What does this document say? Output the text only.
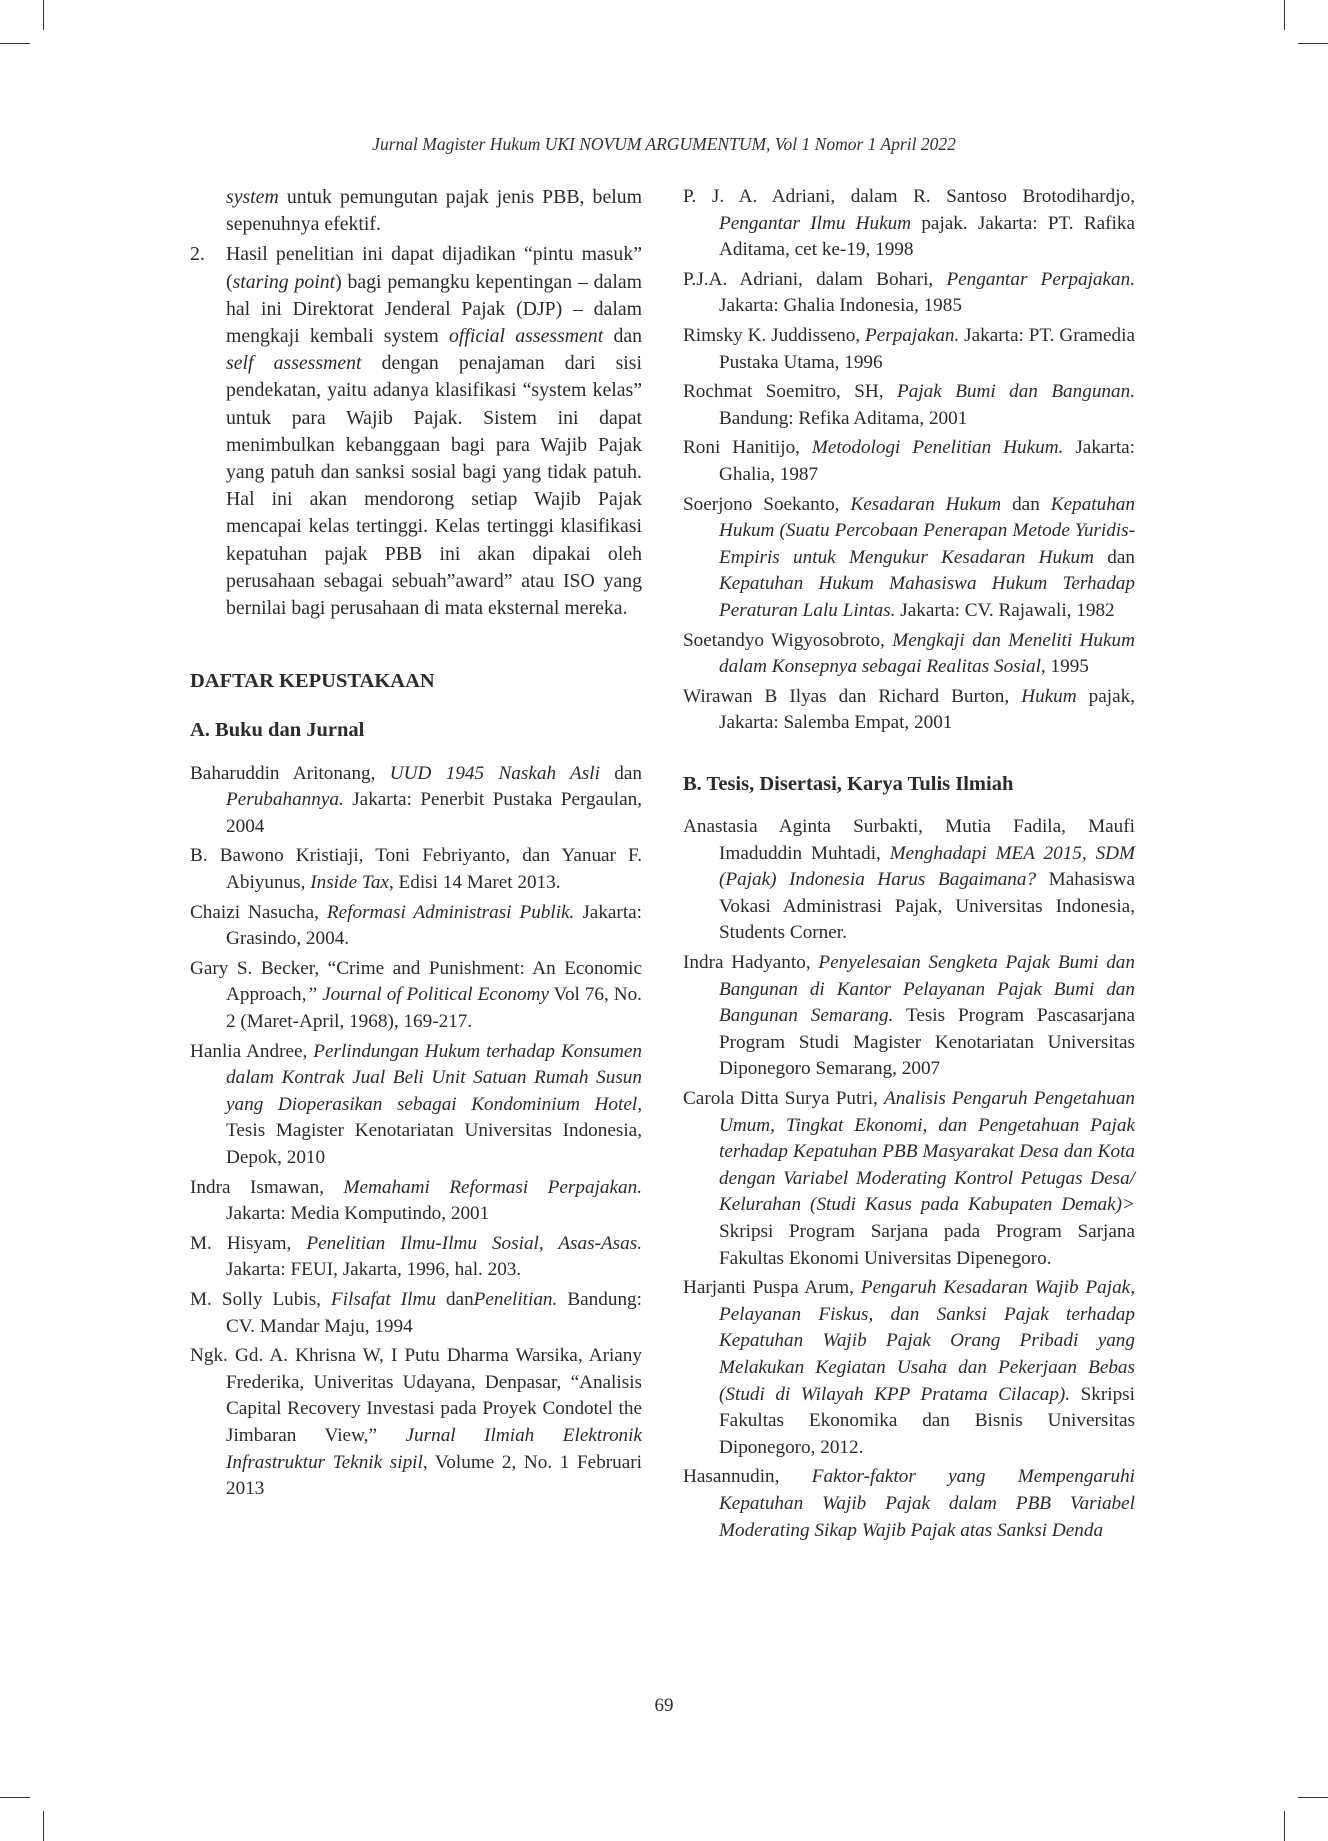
Jurnal Magister Hukum UKI NOVUM ARGUMENTUM, Vol 1 Nomor 1 April 2022

system untuk pemungutan pajak jenis PBB, belum sepenuhnya efektif.

2. Hasil penelitian ini dapat dijadikan “pintu masuk” (staring point) bagi pemangku kepentingan – dalam hal ini Direktorat Jenderal Pajak (DJP) – dalam mengkaji kembali system official assessment dan self assessment dengan penajaman dari sisi pendekatan, yaitu adanya klasifikasi “system kelas” untuk para Wajib Pajak. Sistem ini dapat menimbulkan kebanggaan bagi para Wajib Pajak yang patuh dan sanksi sosial bagi yang tidak patuh. Hal ini akan mendorong setiap Wajib Pajak mencapai kelas tertinggi. Kelas tertinggi klasifikasi kepatuhan pajak PBB ini akan dipakai oleh perusahaan sebagai sebuah”award” atau ISO yang bernilai bagi perusahaan di mata eksternal mereka.

DAFTAR KEPUSTAKAAN
A. Buku dan Jurnal

Baharuddin Aritonang, UUD 1945 Naskah Asli dan Perubahannya. Jakarta: Penerbit Pustaka Pergaulan, 2004

B. Bawono Kristiaji, Toni Febriyanto, dan Yanuar F. Abiyunus, Inside Tax, Edisi 14 Maret 2013.

Chaizi Nasucha, Reformasi Administrasi Publik. Jakarta: Grasindo, 2004.

Gary S. Becker, “Crime and Punishment: An Economic Approach,” Journal of Political Economy Vol 76, No. 2 (Maret-April, 1968), 169-217.

Hanlia Andree, Perlindungan Hukum terhadap Konsumen dalam Kontrak Jual Beli Unit Satuan Rumah Susun yang Dioperasikan sebagai Kondominium Hotel, Tesis Magister Kenotariatan Universitas Indonesia, Depok, 2010

Indra Ismawan, Memahami Reformasi Perpajakan. Jakarta: Media Komputindo, 2001

M. Hisyam, Penelitian Ilmu-Ilmu Sosial, Asas-Asas. Jakarta: FEUI, Jakarta, 1996, hal. 203.

M. Solly Lubis, Filsafat Ilmu danPenelitian. Bandung: CV. Mandar Maju, 1994

Ngk. Gd. A. Khrisna W, I Putu Dharma Warsika, Ariany Frederika, Univeritas Udayana, Denpasar, “Analisis Capital Recovery Investasi pada Proyek Condotel the Jimbaran View,” Jurnal Ilmiah Elektronik Infrastruktur Teknik sipil, Volume 2, No. 1 Februari 2013

P. J. A. Adriani, dalam R. Santoso Brotodihardjo, Pengantar Ilmu Hukum pajak. Jakarta: PT. Rafika Aditama, cet ke-19, 1998

P.J.A. Adriani, dalam Bohari, Pengantar Perpajakan. Jakarta: Ghalia Indonesia, 1985

Rimsky K. Juddisseno, Perpajakan. Jakarta: PT. Gramedia Pustaka Utama, 1996

Rochmat Soemitro, SH, Pajak Bumi dan Bangunan. Bandung: Refika Aditama, 2001

Roni Hanitijo, Metodologi Penelitian Hukum. Jakarta: Ghalia, 1987

Soerjono Soekanto, Kesadaran Hukum dan Kepatuhan Hukum (Suatu Percobaan Penerapan Metode Yuridis-Empiris untuk Mengukur Kesadaran Hukum dan Kepatuhan Hukum Mahasiswa Hukum Terhadap Peraturan Lalu Lintas. Jakarta: CV. Rajawali, 1982

Soetandyo Wigyosobroto, Mengkaji dan Meneliti Hukum dalam Konsepnya sebagai Realitas Sosial, 1995

Wirawan B Ilyas dan Richard Burton, Hukum pajak, Jakarta: Salemba Empat, 2001

B. Tesis, Disertasi, Karya Tulis Ilmiah

Anastasia Aginta Surbakti, Mutia Fadila, Maufi Imaduddin Muhtadi, Menghadapi MEA 2015, SDM (Pajak) Indonesia Harus Bagaimana? Mahasiswa Vokasi Administrasi Pajak, Universitas Indonesia, Students Corner.

Indra Hadyanto, Penyelesaian Sengketa Pajak Bumi dan Bangunan di Kantor Pelayanan Pajak Bumi dan Bangunan Semarang. Tesis Program Pascasarjana Program Studi Magister Kenotariatan Universitas Diponegoro Semarang, 2007

Carola Ditta Surya Putri, Analisis Pengaruh Pengetahuan Umum, Tingkat Ekonomi, dan Pengetahuan Pajak terhadap Kepatuhan PBB Masyarakat Desa dan Kota dengan Variabel Moderating Kontrol Petugas Desa/ Kelurahan (Studi Kasus pada Kabupaten Demak)> Skripsi Program Sarjana pada Program Sarjana Fakultas Ekonomi Universitas Dipenegoro.

Harjanti Puspa Arum, Pengaruh Kesadaran Wajib Pajak, Pelayanan Fiskus, dan Sanksi Pajak terhadap Kepatuhan Wajib Pajak Orang Pribadi yang Melakukan Kegiatan Usaha dan Pekerjaan Bebas (Studi di Wilayah KPP Pratama Cilacap). Skripsi Fakultas Ekonomika dan Bisnis Universitas Diponegoro, 2012.

Hasannudin, Faktor-faktor yang Mempengaruhi Kepatuhan Wajib Pajak dalam PBB Variabel Moderating Sikap Wajib Pajak atas Sanksi Denda

69
